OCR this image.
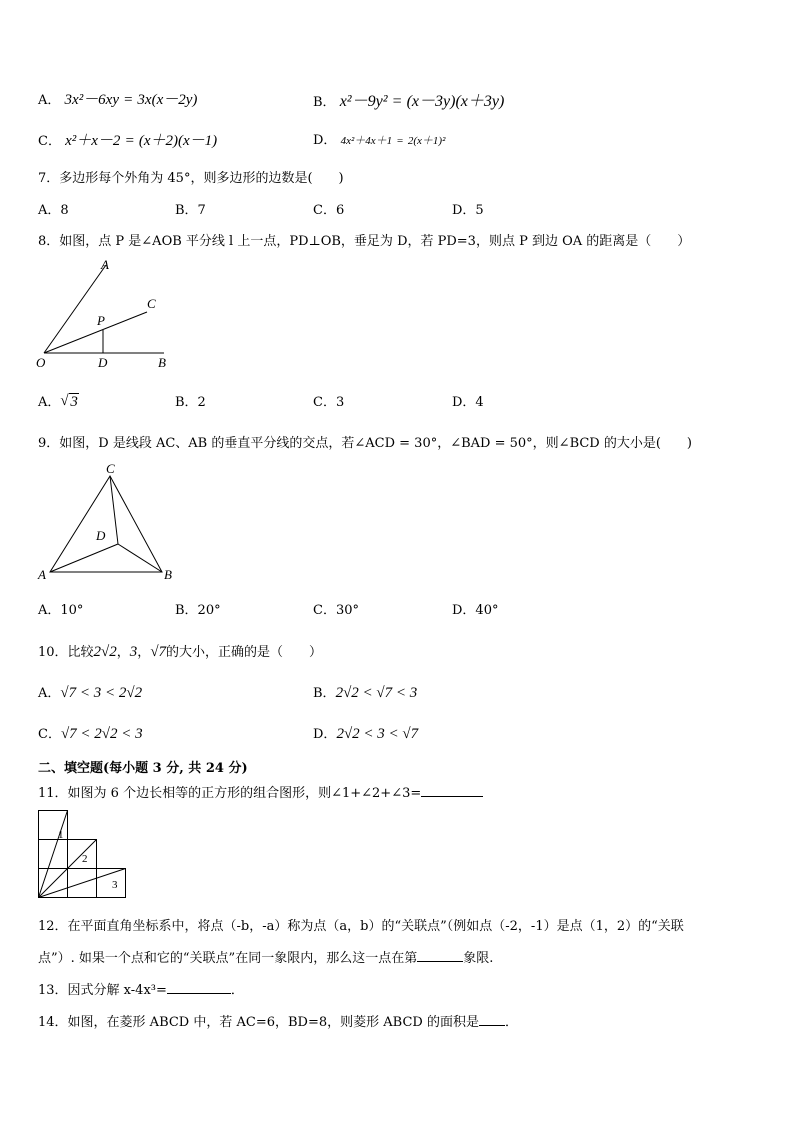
A． 3x²－6xy = 3x(x－2y)	B． x²－9y² = (x－3y)(x＋3y)
C． x²＋x－2 = (x＋2)(x－1)	D． 4x²＋4x＋1 = 2(x＋1)²
7．多边形每个外角为 45°，则多边形的边数是(　　)
A．8	B．7	C．6	D．5
8．如图，点 P 是∠AOB 平分线 l 上一点，PD⊥OB，垂足为 D，若 PD=3，则点 P 到边 OA 的距离是（　　）
A
C
P
O	D	B
A．√ 3	B．2	C．3	D．4
9．如图，D 是线段 AC、AB 的垂直平分线的交点，若∠ACD = 30°，∠BAD = 50°，则∠BCD 的大小是(　　)
C
D
A	B
A．10°	B．20°	C．30°	D．40°
10．比较2√2，3，√7的大小，正确的是（　　）
A．√7 < 3 < 2√2	B．2√2 < √7 < 3
C．√7 < 2√2 < 3	D．2√2 < 3 < √7
二、填空题(每小题 3 分, 共 24 分)
11．如图为 6 个边长相等的正方形的组合图形，则∠1+∠2+∠3=
1
2
3
12．在平面直角坐标系中，将点（-b，-a）称为点（a，b）的“关联点”（例如点（-2，-1）是点（1，2）的“关联
点”）. 如果一个点和它的“关联点”在同一象限内，那么这一点在第	象限.
13．因式分解 x-4x³=	．
14．如图，在菱形 ABCD 中，若 AC=6，BD=8，则菱形 ABCD 的面积是 ．
